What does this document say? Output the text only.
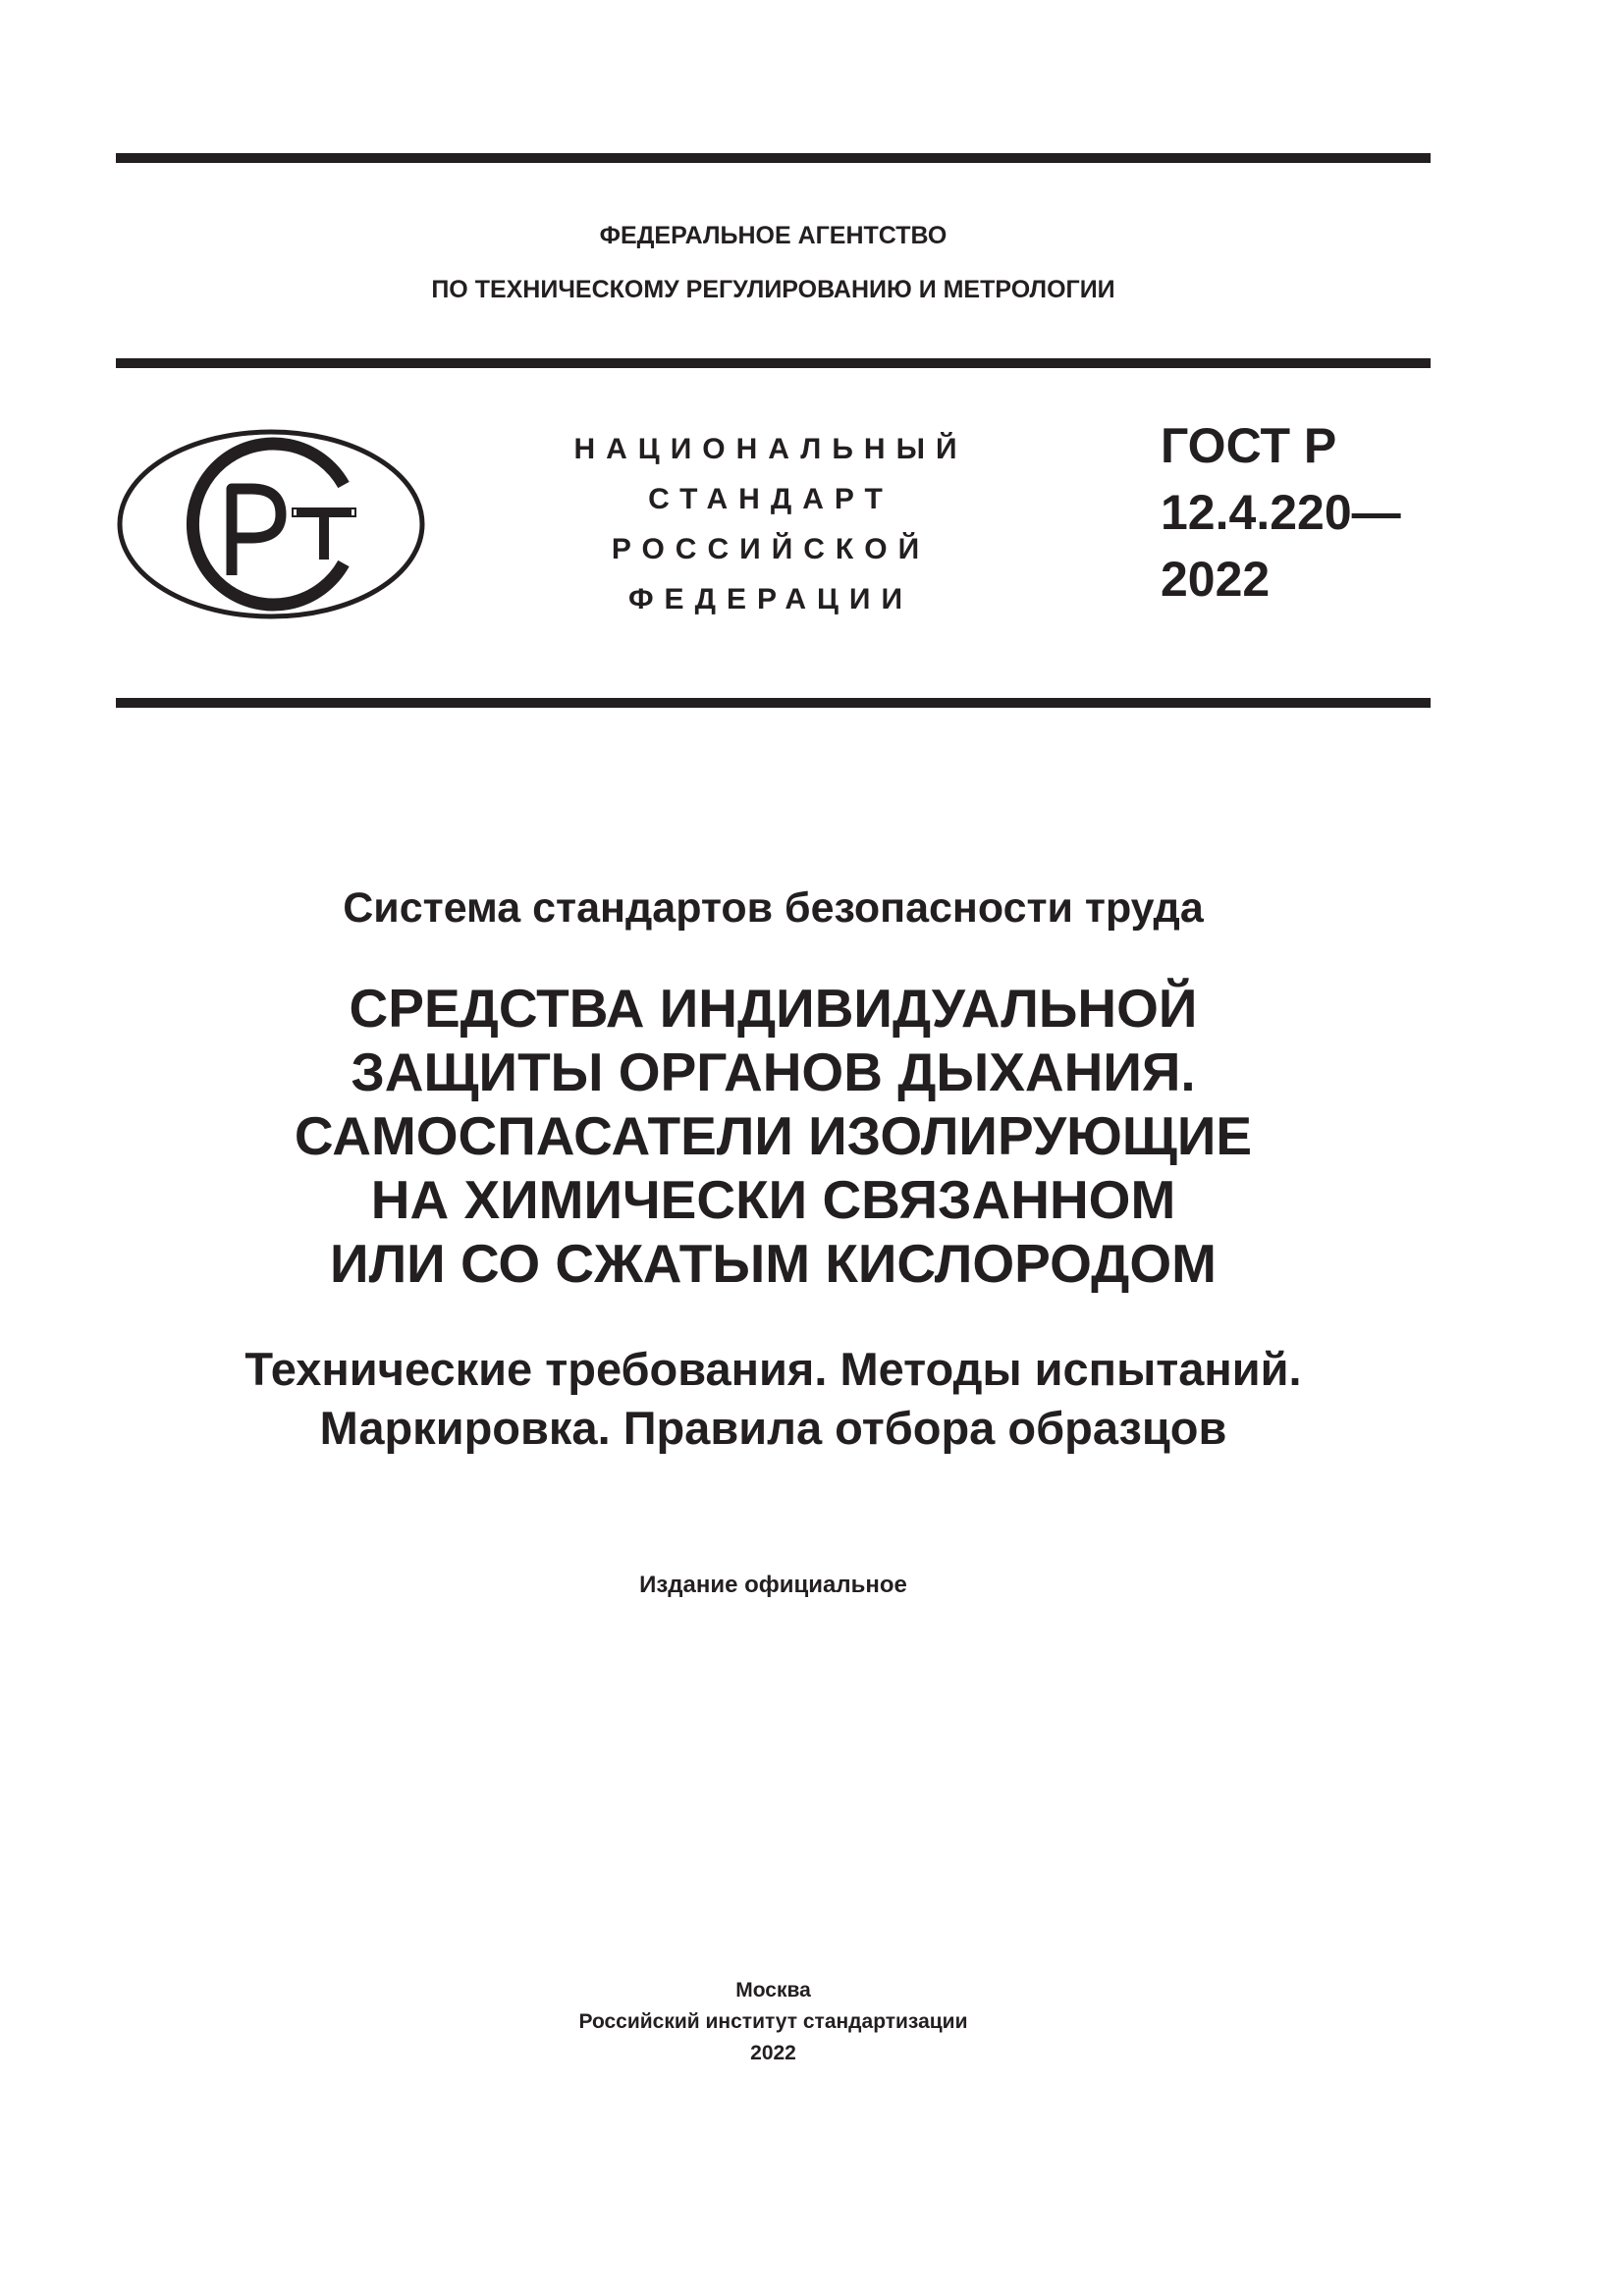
ФЕДЕРАЛЬНОЕ АГЕНТСТВО
ПО ТЕХНИЧЕСКОМУ РЕГУЛИРОВАНИЮ И МЕТРОЛОГИИ
НАЦИОНАЛЬНЫЙ
СТАНДАРТ
РОССИЙСКОЙ
ФЕДЕРАЦИИ
ГОСТ Р
12.4.220—
2022
Система стандартов безопасности труда
СРЕДСТВА ИНДИВИДУАЛЬНОЙ
ЗАЩИТЫ ОРГАНОВ ДЫХАНИЯ.
САМОСПАСАТЕЛИ ИЗОЛИРУЮЩИЕ
НА ХИМИЧЕСКИ СВЯЗАННОМ
ИЛИ СО СЖАТЫМ КИСЛОРОДОМ
Технические требования. Методы испытаний.
Маркировка. Правила отбора образцов
Издание официальное
Москва
Российский институт стандартизации
2022
